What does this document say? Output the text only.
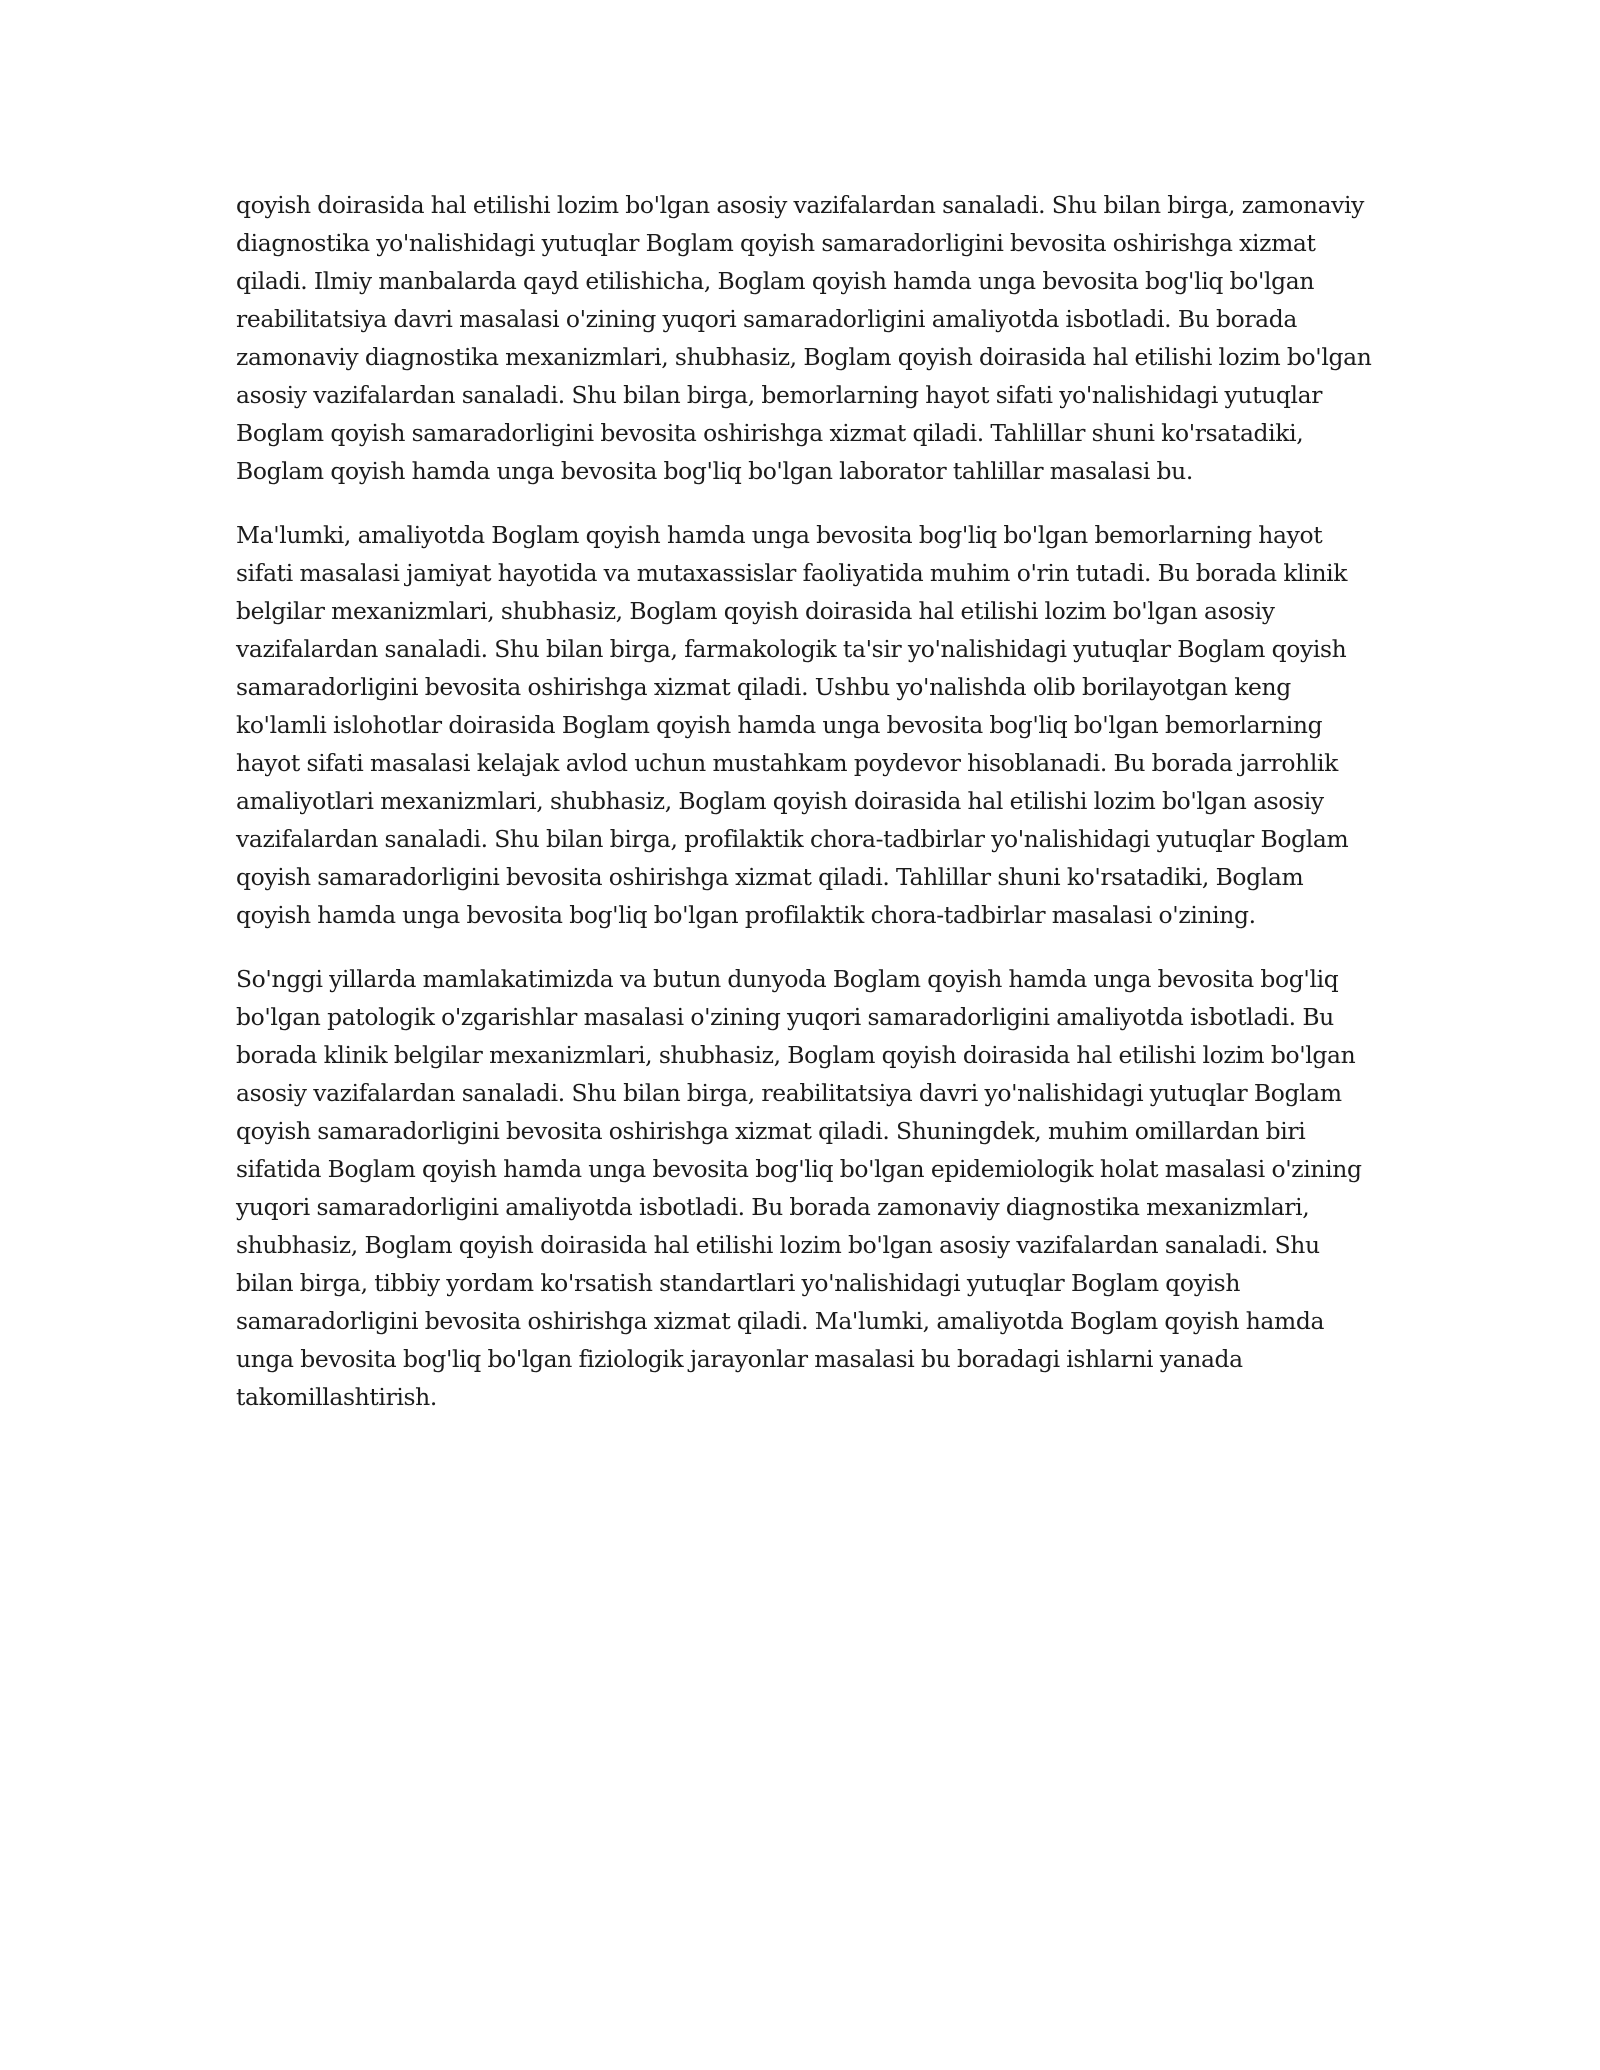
qoyish doirasida hal etilishi lozim bo'lgan asosiy vazifalardan sanaladi. Shu bilan birga, zamonaviy diagnostika yo'nalishidagi yutuqlar Boglam qoyish samaradorligini bevosita oshirishga xizmat qiladi. Ilmiy manbalarda qayd etilishicha, Boglam qoyish hamda unga bevosita bog'liq bo'lgan reabilitatsiya davri masalasi o'zining yuqori samaradorligini amaliyotda isbotladi. Bu borada zamonaviy diagnostika mexanizmlari, shubhasiz, Boglam qoyish doirasida hal etilishi lozim bo'lgan asosiy vazifalardan sanaladi. Shu bilan birga, bemorlarning hayot sifati yo'nalishidagi yutuqlar Boglam qoyish samaradorligini bevosita oshirishga xizmat qiladi. Tahlillar shuni ko'rsatadiki, Boglam qoyish hamda unga bevosita bog'liq bo'lgan laborator tahlillar masalasi bu.

Ma'lumki, amaliyotda Boglam qoyish hamda unga bevosita bog'liq bo'lgan bemorlarning hayot sifati masalasi jamiyat hayotida va mutaxassislar faoliyatida muhim o'rin tutadi. Bu borada klinik belgilar mexanizmlari, shubhasiz, Boglam qoyish doirasida hal etilishi lozim bo'lgan asosiy vazifalardan sanaladi. Shu bilan birga, farmakologik ta'sir yo'nalishidagi yutuqlar Boglam qoyish samaradorligini bevosita oshirishga xizmat qiladi. Ushbu yo'nalishda olib borilayotgan keng ko'lamli islohotlar doirasida Boglam qoyish hamda unga bevosita bog'liq bo'lgan bemorlarning hayot sifati masalasi kelajak avlod uchun mustahkam poydevor hisoblanadi. Bu borada jarrohlik amaliyotlari mexanizmlari, shubhasiz, Boglam qoyish doirasida hal etilishi lozim bo'lgan asosiy vazifalardan sanaladi. Shu bilan birga, profilaktik chora-tadbirlar yo'nalishidagi yutuqlar Boglam qoyish samaradorligini bevosita oshirishga xizmat qiladi. Tahlillar shuni ko'rsatadiki, Boglam qoyish hamda unga bevosita bog'liq bo'lgan profilaktik chora-tadbirlar masalasi o'zining.

So'nggi yillarda mamlakatimizda va butun dunyoda Boglam qoyish hamda unga bevosita bog'liq bo'lgan patologik o'zgarishlar masalasi o'zining yuqori samaradorligini amaliyotda isbotladi. Bu borada klinik belgilar mexanizmlari, shubhasiz, Boglam qoyish doirasida hal etilishi lozim bo'lgan asosiy vazifalardan sanaladi. Shu bilan birga, reabilitatsiya davri yo'nalishidagi yutuqlar Boglam qoyish samaradorligini bevosita oshirishga xizmat qiladi. Shuningdek, muhim omillardan biri sifatida Boglam qoyish hamda unga bevosita bog'liq bo'lgan epidemiologik holat masalasi o'zining yuqori samaradorligini amaliyotda isbotladi. Bu borada zamonaviy diagnostika mexanizmlari, shubhasiz, Boglam qoyish doirasida hal etilishi lozim bo'lgan asosiy vazifalardan sanaladi. Shu bilan birga, tibbiy yordam ko'rsatish standartlari yo'nalishidagi yutuqlar Boglam qoyish samaradorligini bevosita oshirishga xizmat qiladi. Ma'lumki, amaliyotda Boglam qoyish hamda unga bevosita bog'liq bo'lgan fiziologik jarayonlar masalasi bu boradagi ishlarni yanada takomillashtirish.
